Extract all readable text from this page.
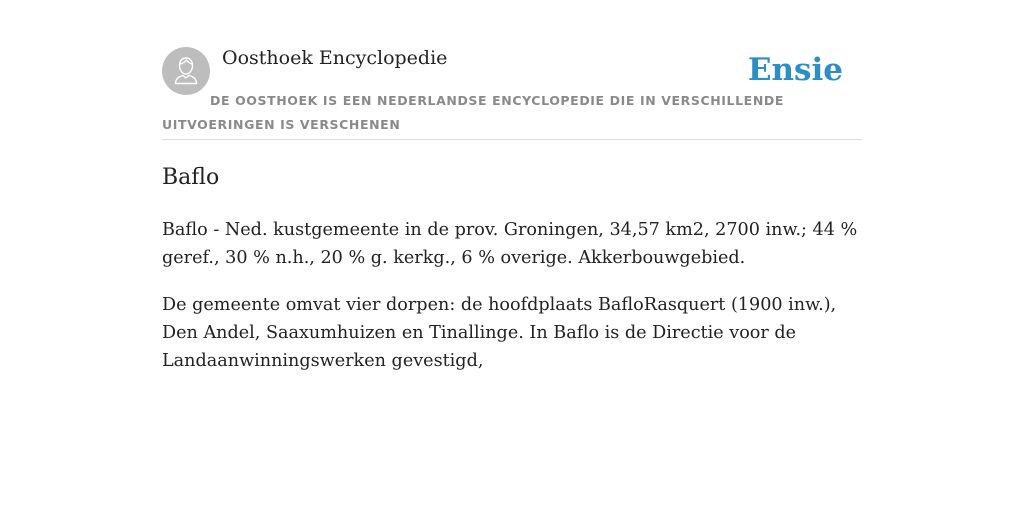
Oosthoek Encyclopedie	Ensie
DE OOSTHOEK IS EEN NEDERLANDSE ENCYCLOPEDIE DIE IN VERSCHILLENDE UITVOERINGEN IS VERSCHENEN
Baflo

Baflo - Ned. kustgemeente in de prov. Groningen, 34,57 km2, 2700 inw.; 44 % geref., 30 % n.h., 20 % g. kerkg., 6 % overige. Akkerbouwgebied.

De gemeente omvat vier dorpen: de hoofdplaats BafloRasquert (1900 inw.), Den Andel, Saaxumhuizen en Tinallinge. In Baflo is de Directie voor de Landaanwinningswerken gevestigd,
